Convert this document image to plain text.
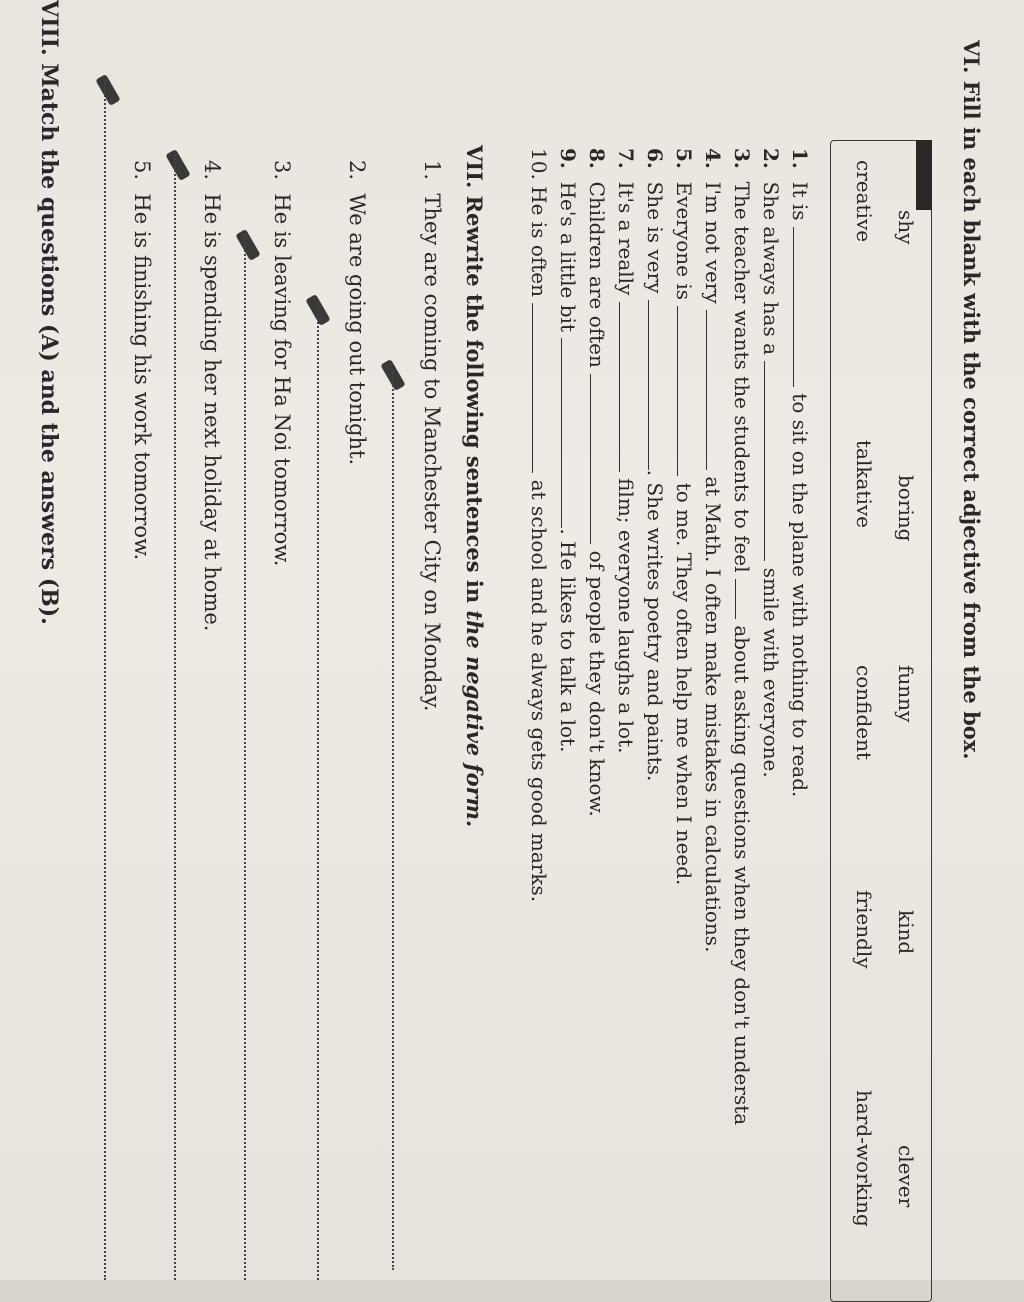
VI. Fill in each blank with the correct adjective from the box.
shy
boring
funny
kind
clever
creative
talkative
confident
friendly
hard-working
1.  It is  to sit on the plane with nothing to read.
2.  She always has a  smile with everyone.
3.  The teacher wants the students to feel  about asking questions when they don't understa
4.  I'm not very  at Math. I often make mistakes in calculations.
5.  Everyone is  to me. They often help me when I need.
6.  She is very . She writes poetry and paints.
7.  It's a really  film; everyone laughs a lot.
8.  Children are often  of people they don't know.
9.  He's a little bit . He likes to talk a lot.
10. He is often  at school and he always gets good marks.
VII. Rewrite the following sentences in the negative form.
1.  They are coming to Manchester City on Monday.
2.  We are going out tonight.
3.  He is leaving for Ha Noi tomorrow.
4.  He is spending her next holiday at home.
5.  He is finishing his work tomorrow.
VIII. Match the questions (A) and the answers (B).
